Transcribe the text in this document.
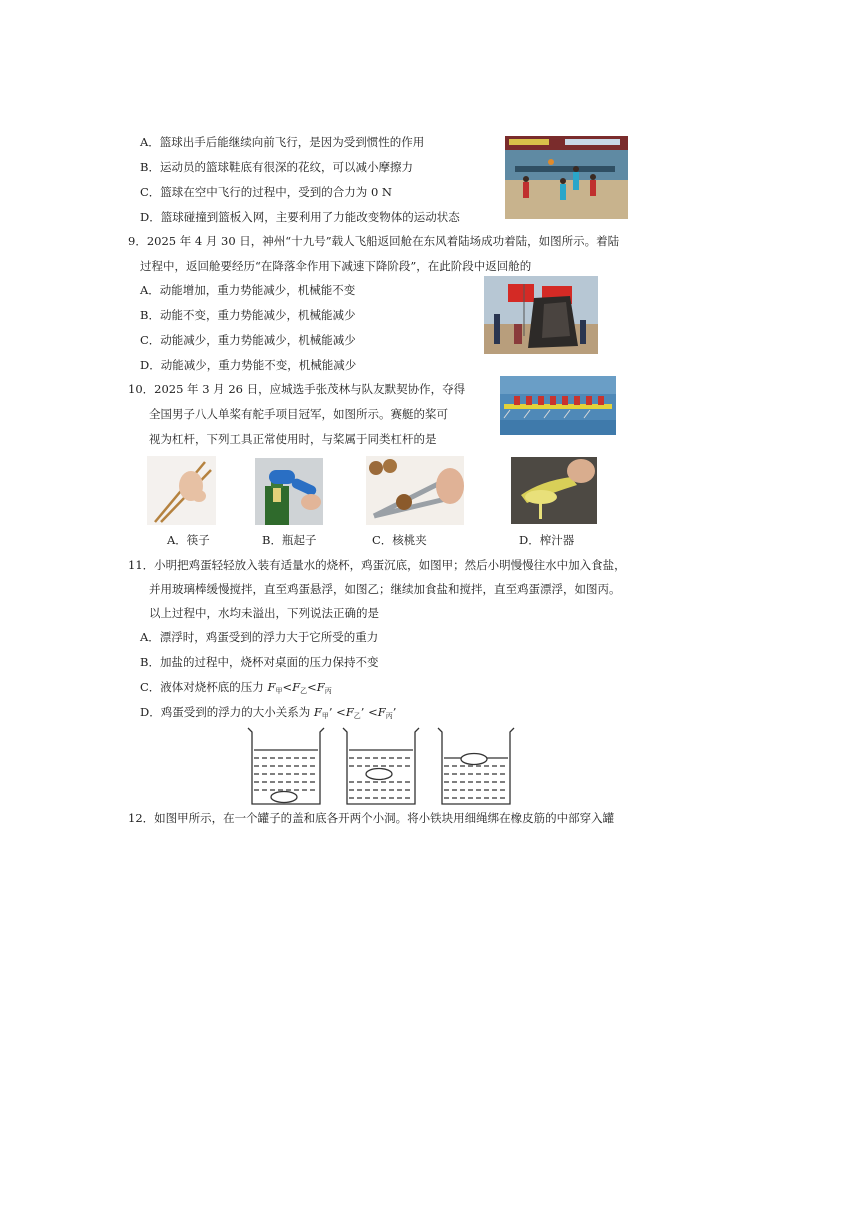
A．篮球出手后能继续向前飞行，是因为受到惯性的作用
B．运动员的篮球鞋底有很深的花纹，可以减小摩擦力
C．篮球在空中飞行的过程中，受到的合力为 0 N
D．篮球碰撞到篮板入网，主要利用了力能改变物体的运动状态
9．2025 年 4 月 30 日，神州“十九号”载人飞船返回舱在东风着陆场成功着陆，如图所示。着陆
过程中，返回舱要经历“在降落伞作用下减速下降阶段”，在此阶段中返回舱的
A．动能增加，重力势能减少，机械能不变
B．动能不变，重力势能减少，机械能减少
C．动能减少，重力势能减少，机械能减少
D．动能减少，重力势能不变，机械能减少
10．2025 年 3 月 26 日，应城选手张茂林与队友默契协作，夺得
全国男子八人单桨有舵手项目冠军，如图所示。赛艇的桨可
视为杠杆，下列工具正常使用时，与桨属于同类杠杆的是
A．筷子	B．瓶起子	C．核桃夹	D．榨汁器
11．小明把鸡蛋轻轻放入装有适量水的烧杯，鸡蛋沉底，如图甲；然后小明慢慢往水中加入食盐，
并用玻璃棒缓慢搅拌，直至鸡蛋悬浮，如图乙；继续加食盐和搅拌，直至鸡蛋漂浮，如图丙。
以上过程中，水均未溢出，下列说法正确的是
A．漂浮时，鸡蛋受到的浮力大于它所受的重力
B．加盐的过程中，烧杯对桌面的压力保持不变
C．液体对烧杯底的压力 $F_甲<F_乙<F_丙$
D．鸡蛋受到的浮力的大小关系为 $F_甲$’ $<F_乙$’ $<F_丙$’
12．如图甲所示，在一个罐子的盖和底各开两个小洞。将小铁块用细绳绑在橡皮筋的中部穿入罐
